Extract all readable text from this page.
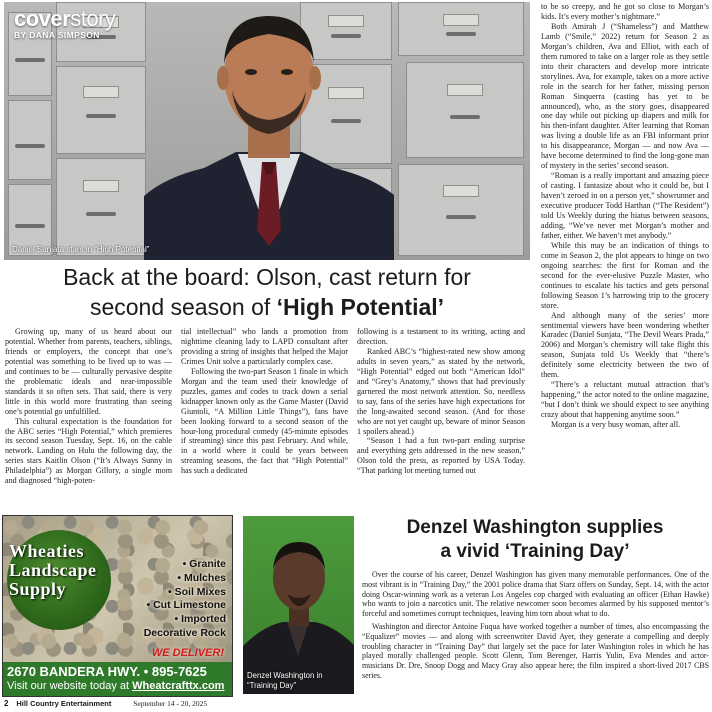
coverstory
BY DANA SIMPSON
Daniel Sunjata stars in “High Potential”
Back at the board: Olson, cast return for
second season of ‘High Potential’

Growing up, many of us heard about our potential. Whether from parents, teachers, siblings, friends or employers, the concept that one’s potential was something to be lived up to was — and continues to be — culturally pervasive despite the problematic ideals and near-impossible standards it so often sets. That said, there is very little in this world more frustrating than seeing one’s potential go unfulfilled.

This cultural expectation is the foundation for the ABC series “High Potential,” which premieres its second season Tuesday, Sept. 16, on the cable network. Landing on Hulu the following day, the series stars Kaitlin Olson (“It’s Always Sunny in Philadelphia”) as Morgan Gillory, a single mom and diagnosed “high-poten-

tial intellectual” who lands a promotion from nighttime cleaning lady to LAPD consultant after providing a string of insights that helped the Major Crimes Unit solve a particularly complex case.

Following the two-part Season 1 finale in which Morgan and the team used their knowledge of puzzles, games and codes to track down a serial kidnapper known only as the Game Master (David Giuntoli, “A Million Little Things”), fans have been looking forward to a second season of the hour-long procedural comedy (45-minute episodes if streaming) since this past February. And while, in a world where it could be years between streaming seasons, the fact that “High Potential” has such a dedicated

following is a testament to its writing, acting and direction.

Ranked ABC’s “highest-rated new show among adults in seven years,” as stated by the network, “High Potential” edged out both “American Idol” and “Grey’s Anatomy,” shows that had previously garnered the most network attention. So, needless to say, fans of the series have high expectations for the long-awaited second season. (And for those who are not yet caught up, beware of minor Season 1 spoilers ahead.)

“Season 1 had a fun two-part ending surprise and everything gets addressed in the new season,” Olson told the press, as reported by USA Today. “That parking lot meeting turned out

to be so creepy, and he got so close to Morgan’s kids. It’s every mother’s nightmare.”

Both Amirah J (“Shameless”) and Matthew Lamb (“Smile,” 2022) return for Season 2 as Morgan’s children, Ava and Elliot, with each of them rumored to take on a larger role as they settle into their characters and develop more intricate storylines. Ava, for example, takes on a more active role in the search for her father, missing person Roman Sinquerra (casting has yet to be announced), who, as the story goes, disappeared one day while out picking up diapers and milk for his then-infant daughter. After learning that Roman was living a double life as an FBI informant prior to his disappearance, Morgan — and now Ava — have become determined to find the long-gone man of mystery in the series’ second season.

“Roman is a really important and amazing piece of casting. I fantasize about who it could be, but I haven’t zeroed in on a person yet,” showrunner and executive producer Todd Harthan (“The Resident”) told Us Weekly during the hiatus between seasons, adding, “We’ve never met Morgan’s mother and father, either. We haven’t met anybody.”

While this may be an indication of things to come in Season 2, the plot appears to hinge on two ongoing searches: the first for Roman and the second for the ever-elusive Puzzle Master, who continues to escalate his tactics and gets personal following Season 1’s harrowing trip to the grocery store.

And although many of the series’ more sentimental viewers have been wondering whether Karadec (Daniel Sunjata, “The Devil Wears Prada,” 2006) and Morgan’s chemistry will take flight this season, Sunjata told Us Weekly that “there’s definitely some electricity between the two of them.

“There’s a reluctant mutual attraction that’s happening,” the actor noted to the online magazine, “but I don’t think we should expect to see anything crazy about that happening anytime soon.”

Morgan is a very busy woman, after all.

Wheaties
Landscape
Supply
• Granite
• Mulches
• Soil Mixes
• Cut Limestone
• Imported
Decorative Rock
WE DELIVER!
2670 BANDERA HWY. • 895-7625
Visit our website today at Wheatcrafttx.com
Denzel Washington in
“Training Day”
Denzel Washington supplies
a vivid ‘Training Day’

Over the course of his career, Denzel Washington has given many memorable performances. One of the most vibrant is in “Training Day,” the 2001 police drama that Starz offers on Sunday, Sept. 14, with the actor doing Oscar-winning work as a veteran Los Angeles cop charged with evaluating an officer (Ethan Hawke) who wants to join a narcotics unit. The relative newcomer soon becomes alarmed by his supposed mentor’s forceful and sometimes corrupt techniques, leaving him torn about what to do.

Washington and director Antoine Fuqua have worked together a number of times, also encompassing the “Equalizer” movies — and along with screenwriter David Ayer, they generate a compelling and deeply troubling character in “Training Day” that largely set the pace for later Washington roles in which he has played morally challenged people. Scott Glenn, Tom Berenger, Harris Yulin, Eva Mendes and actor-musicians Dr. Dre, Snoop Dogg and Macy Gray also appear here; the film inspired a short-lived 2017 CBS series.

2 Hill Country Entertainment	September 14 - 20, 2025
